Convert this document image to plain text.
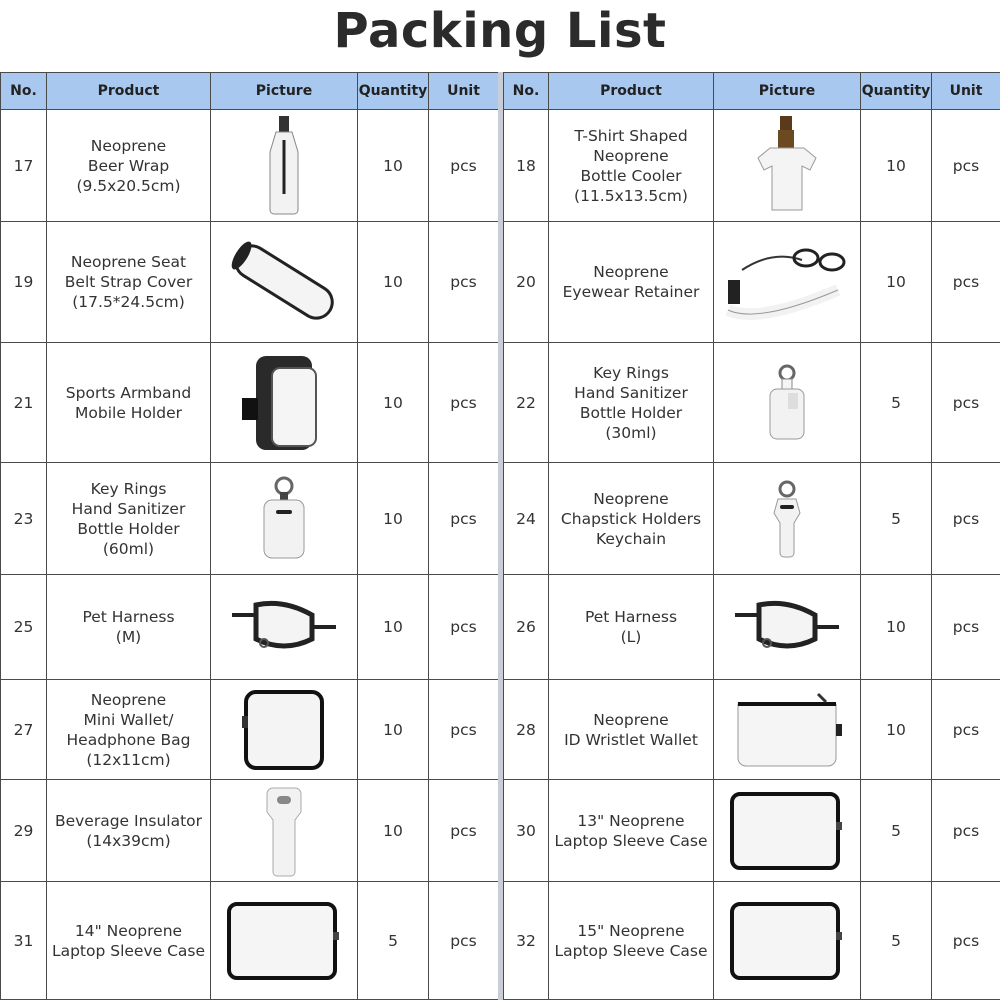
Packing List
No.	Product	Picture	Quantity	Unit
17	Neoprene
Beer Wrap
(9.5x20.5cm)		10	pcs
19	Neoprene Seat
Belt Strap Cover
(17.5*24.5cm)		10	pcs
21	Sports Armband
Mobile Holder		10	pcs
23	Key Rings
Hand Sanitizer
Bottle Holder
(60ml)		10	pcs
25	Pet Harness
(M)		10	pcs
27	Neoprene
Mini Wallet/
Headphone Bag
(12x11cm)		10	pcs
29	Beverage Insulator
(14x39cm)		10	pcs
31	14" Neoprene
Laptop Sleeve Case		5	pcs
No.	Product	Picture	Quantity	Unit
18	T-Shirt Shaped
Neoprene
Bottle Cooler
(11.5x13.5cm)		10	pcs
20	Neoprene
Eyewear Retainer		10	pcs
22	Key Rings
Hand Sanitizer
Bottle Holder
(30ml)		5	pcs
24	Neoprene
Chapstick Holders
Keychain		5	pcs
26	Pet Harness
(L)		10	pcs
28	Neoprene
ID Wristlet Wallet		10	pcs
30	13" Neoprene
Laptop Sleeve Case		5	pcs
32	15" Neoprene
Laptop Sleeve Case		5	pcs
